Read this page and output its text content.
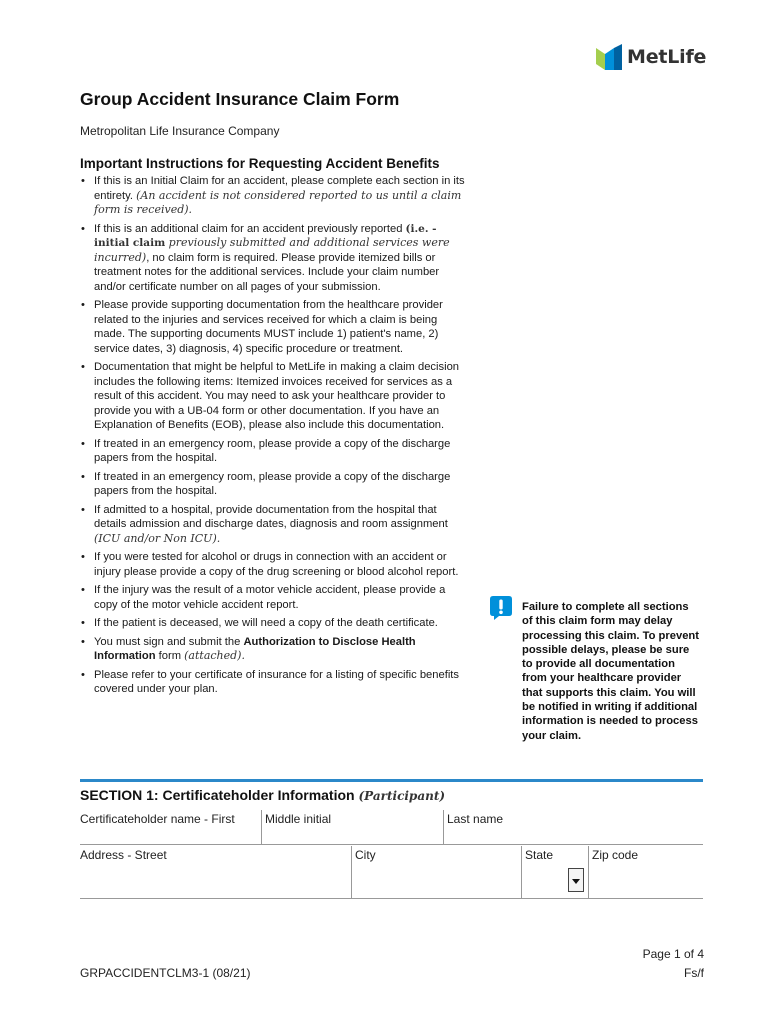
MetLife
Group Accident Insurance Claim Form
Metropolitan Life Insurance Company
Important Instructions for Requesting Accident Benefits
• If this is an Initial Claim for an accident, please complete each section in its entirety. (An accident is not considered reported to us until a claim form is received).
• If this is an additional claim for an accident previously reported (i.e. - initial claim previously submitted and additional services were incurred), no claim form is required. Please provide itemized bills or treatment notes for the additional services. Include your claim number and/or certificate number on all pages of your submission.
• Please provide supporting documentation from the healthcare provider related to the injuries and services received for which a claim is being made. The supporting documents MUST include 1) patient's name, 2) service dates, 3) diagnosis, 4) specific procedure or treatment.
• Documentation that might be helpful to MetLife in making a claim decision includes the following items: Itemized invoices received for services as a result of this accident. You may need to ask your healthcare provider to provide you with a UB-04 form or other documentation. If you have an Explanation of Benefits (EOB), please also include this documentation.
• If treated in an emergency room, please provide a copy of the discharge papers from the hospital.
• If treated in an emergency room, please provide a copy of the discharge papers from the hospital.
• If admitted to a hospital, provide documentation from the hospital that details admission and discharge dates, diagnosis and room assignment (ICU and/or Non ICU).
• If you were tested for alcohol or drugs in connection with an accident or injury please provide a copy of the drug screening or blood alcohol report.
• If the injury was the result of a motor vehicle accident, please provide a copy of the motor vehicle accident report.
• If the patient is deceased, we will need a copy of the death certificate.
• You must sign and submit the Authorization to Disclose Health Information form (attached).
• Please refer to your certificate of insurance for a listing of specific benefits covered under your plan.
Failure to complete all sections of this claim form may delay processing this claim. To prevent possible delays, please be sure to provide all documentation from your healthcare provider that supports this claim. You will be notified in writing if additional information is needed to process your claim.
SECTION 1: Certificateholder Information (Participant)
Certificateholder name - First	Middle initial	Last name
Address - Street	City	State	Zip code
Page 1 of 4
GRPACCIDENTCLM3-1 (08/21)	Fs/f
